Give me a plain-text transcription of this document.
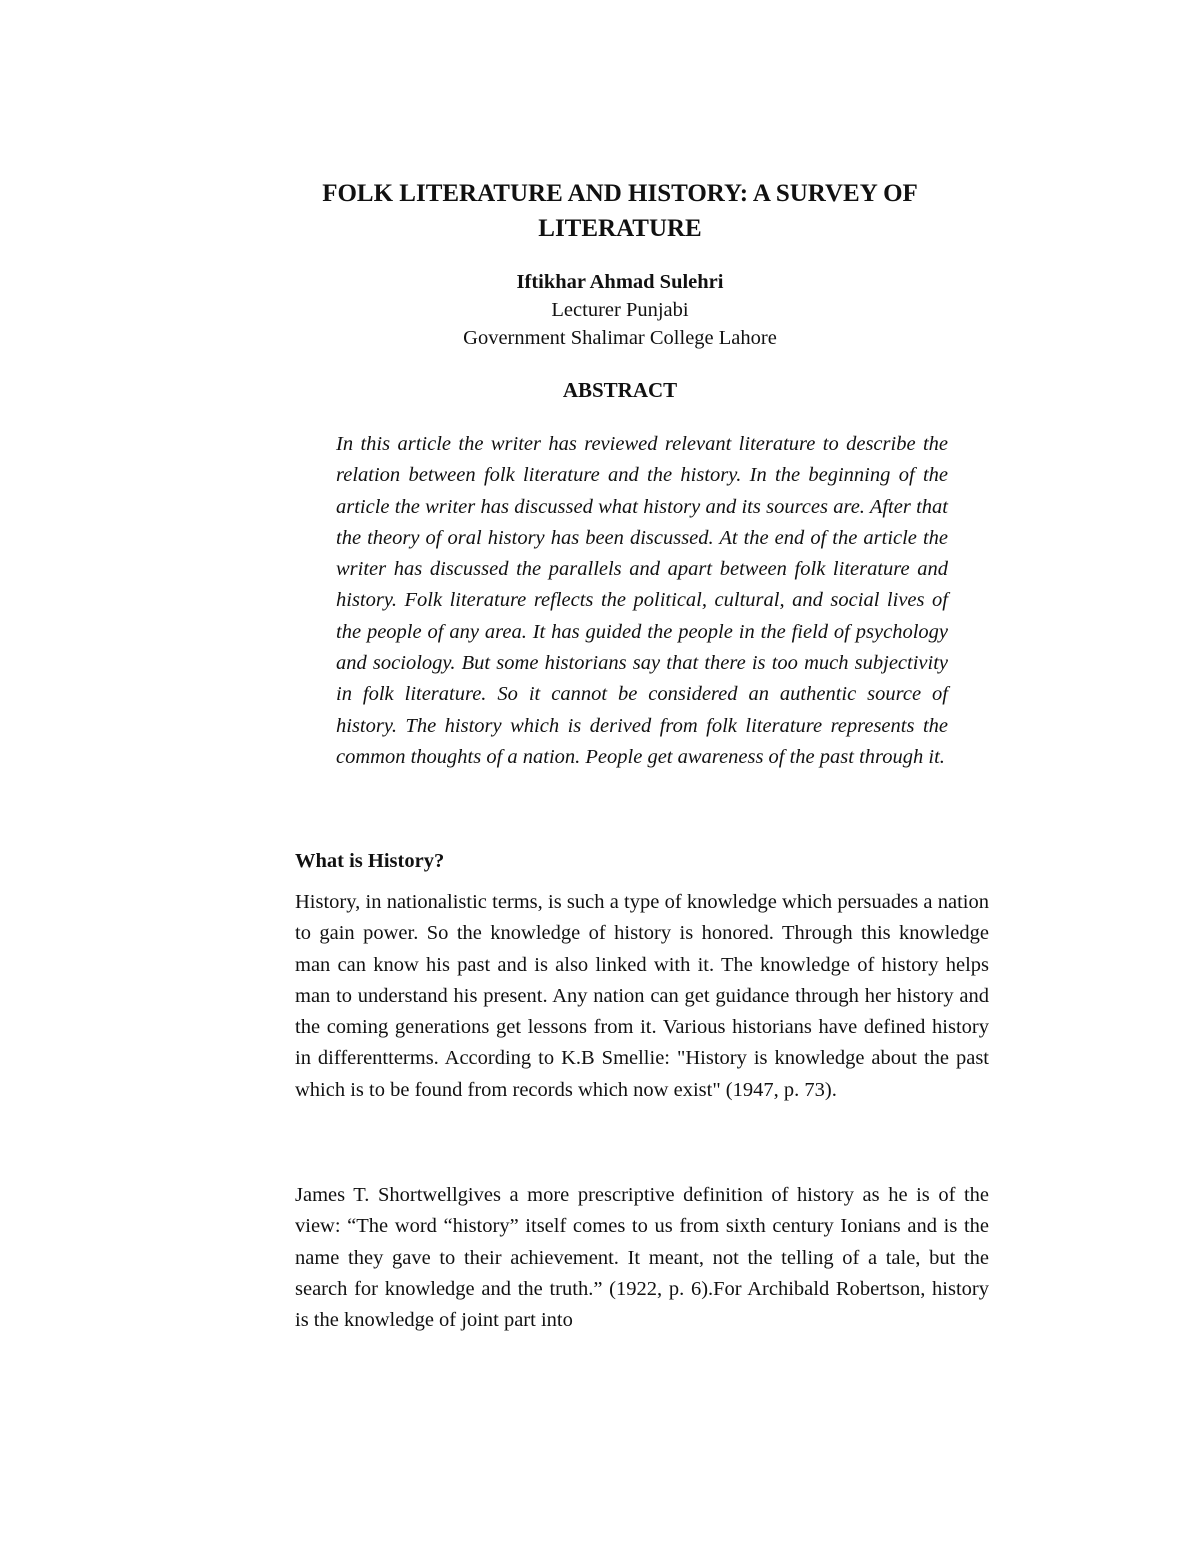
FOLK LITERATURE AND HISTORY: A SURVEY OF LITERATURE
Iftikhar Ahmad Sulehri
Lecturer Punjabi
Government Shalimar College Lahore
ABSTRACT

In this article the writer has reviewed relevant literature to describe the relation between folk literature and the history. In the beginning of the article the writer has discussed what history and its sources are. After that the theory of oral history has been discussed. At the end of the article the writer has discussed the parallels and apart between folk literature and history. Folk literature reflects the political, cultural, and social lives of the people of any area. It has guided the people in the field of psychology and sociology. But some historians say that there is too much subjectivity in folk literature. So it cannot be considered an authentic source of history. The history which is derived from folk literature represents the common thoughts of a nation. People get awareness of the past through it.

What is History?

History, in nationalistic terms, is such a type of knowledge which persuades a nation to gain power. So the knowledge of history is honored. Through this knowledge man can know his past and is also linked with it. The knowledge of history helps man to understand his present. Any nation can get guidance through her history and the coming generations get lessons from it. Various historians have defined history in differentterms. According to K.B Smellie: "History is knowledge about the past which is to be found from records which now exist" (1947, p. 73).

James T. Shortwellgives a more prescriptive definition of history as he is of the view: “The word “history” itself comes to us from sixth century Ionians and is the name they gave to their achievement. It meant, not the telling of a tale, but the search for knowledge and the truth.” (1922, p. 6).For Archibald Robertson, history is the knowledge of joint part into
